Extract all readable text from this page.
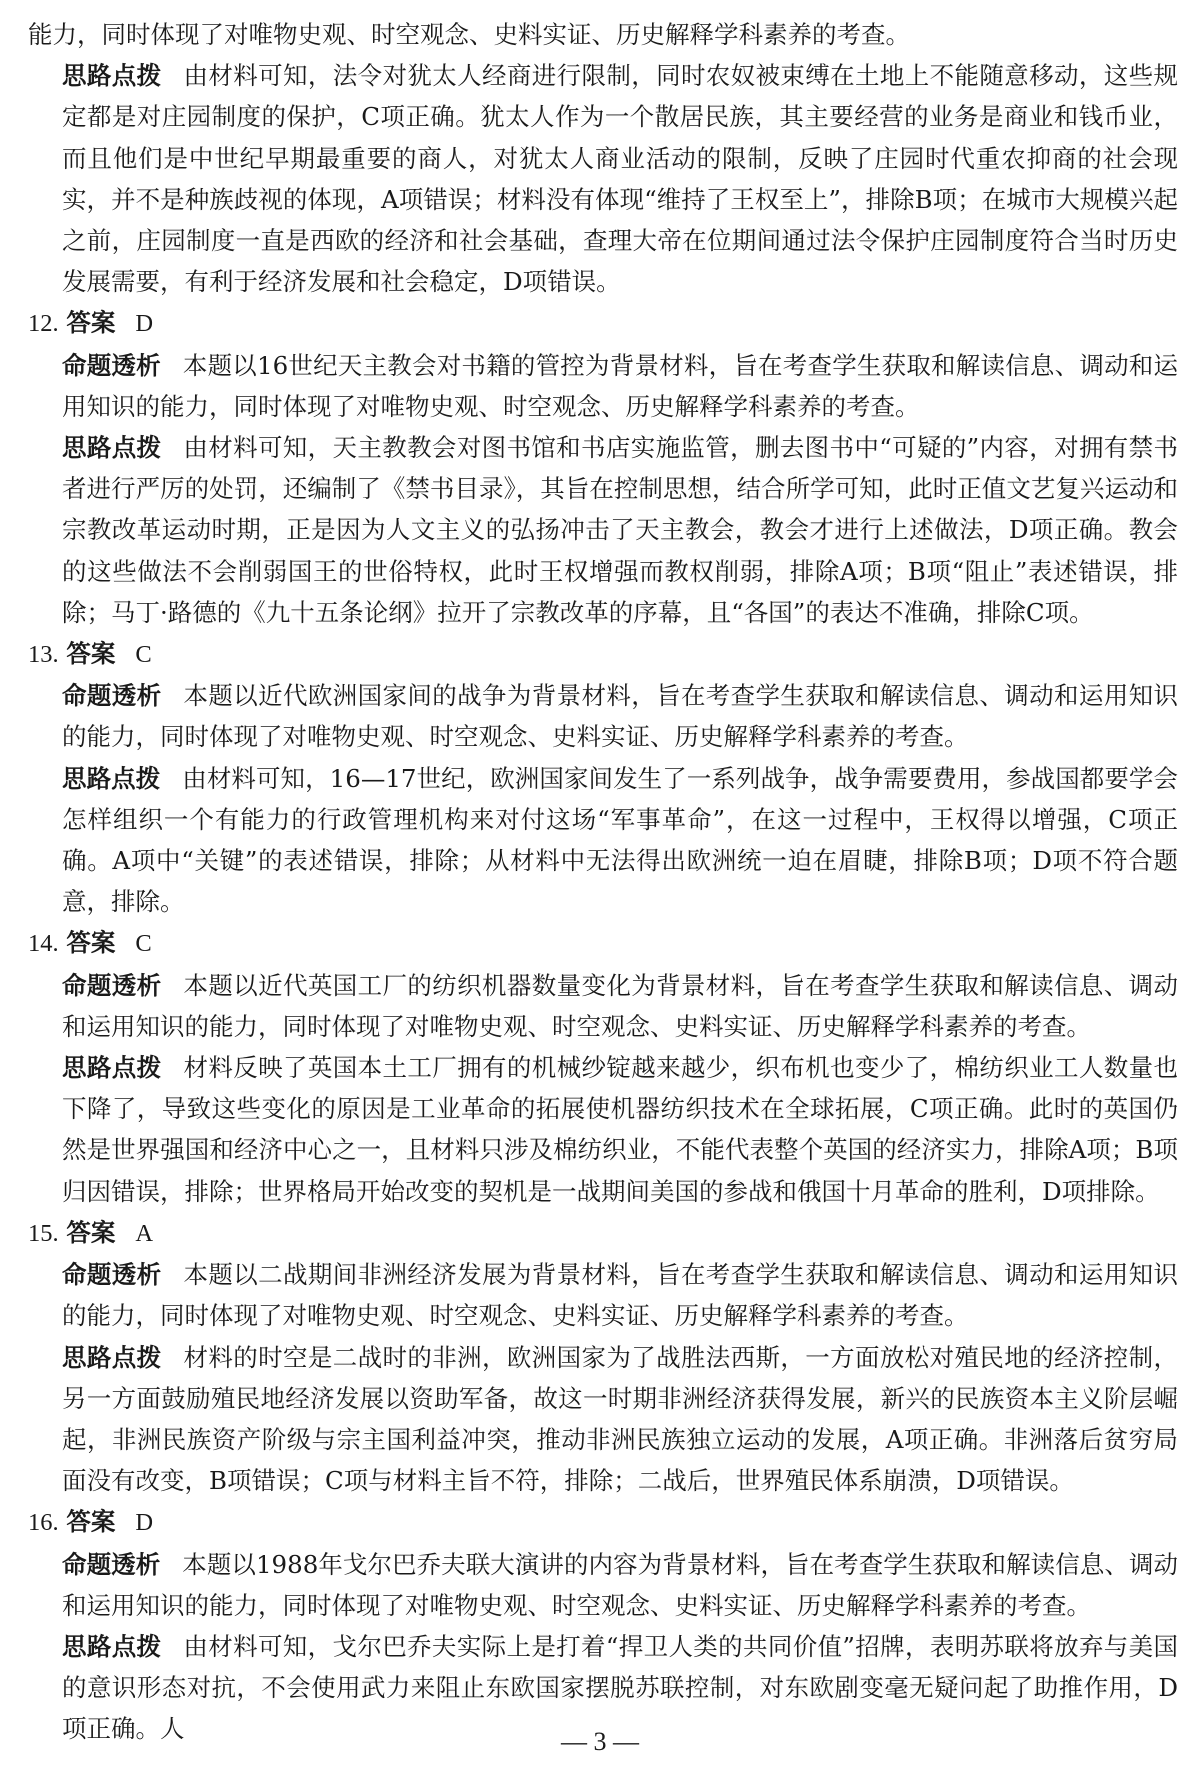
能力，同时体现了对唯物史观、时空观念、史料实证、历史解释学科素养的考查。

思路点拨 由材料可知，法令对犹太人经商进行限制，同时农奴被束缚在土地上不能随意移动，这些规定都是对庄园制度的保护，C项正确。犹太人作为一个散居民族，其主要经营的业务是商业和钱币业，而且他们是中世纪早期最重要的商人，对犹太人商业活动的限制，反映了庄园时代重农抑商的社会现实，并不是种族歧视的体现，A项错误；材料没有体现“维持了王权至上”，排除B项；在城市大规模兴起之前，庄园制度一直是西欧的经济和社会基础，查理大帝在位期间通过法令保护庄园制度符合当时历史发展需要，有利于经济发展和社会稳定，D项错误。

12. 答案 D

命题透析 本题以16世纪天主教会对书籍的管控为背景材料，旨在考查学生获取和解读信息、调动和运用知识的能力，同时体现了对唯物史观、时空观念、历史解释学科素养的考查。

思路点拨 由材料可知，天主教教会对图书馆和书店实施监管，删去图书中“可疑的”内容，对拥有禁书者进行严厉的处罚，还编制了《禁书目录》，其旨在控制思想，结合所学可知，此时正值文艺复兴运动和宗教改革运动时期，正是因为人文主义的弘扬冲击了天主教会，教会才进行上述做法，D项正确。教会的这些做法不会削弱国王的世俗特权，此时王权增强而教权削弱，排除A项；B项“阻止”表述错误，排除；马丁·路德的《九十五条论纲》拉开了宗教改革的序幕，且“各国”的表达不准确，排除C项。

13. 答案 C

命题透析 本题以近代欧洲国家间的战争为背景材料，旨在考查学生获取和解读信息、调动和运用知识的能力，同时体现了对唯物史观、时空观念、史料实证、历史解释学科素养的考查。

思路点拨 由材料可知，16—17世纪，欧洲国家间发生了一系列战争，战争需要费用，参战国都要学会怎样组织一个有能力的行政管理机构来对付这场“军事革命”，在这一过程中，王权得以增强，C项正确。A项中“关键”的表述错误，排除；从材料中无法得出欧洲统一迫在眉睫，排除B项；D项不符合题意，排除。

14. 答案 C

命题透析 本题以近代英国工厂的纺织机器数量变化为背景材料，旨在考查学生获取和解读信息、调动和运用知识的能力，同时体现了对唯物史观、时空观念、史料实证、历史解释学科素养的考查。

思路点拨 材料反映了英国本土工厂拥有的机械纱锭越来越少，织布机也变少了，棉纺织业工人数量也下降了，导致这些变化的原因是工业革命的拓展使机器纺织技术在全球拓展，C项正确。此时的英国仍然是世界强国和经济中心之一，且材料只涉及棉纺织业，不能代表整个英国的经济实力，排除A项；B项归因错误，排除；世界格局开始改变的契机是一战期间美国的参战和俄国十月革命的胜利，D项排除。

15. 答案 A

命题透析 本题以二战期间非洲经济发展为背景材料，旨在考查学生获取和解读信息、调动和运用知识的能力，同时体现了对唯物史观、时空观念、史料实证、历史解释学科素养的考查。

思路点拨 材料的时空是二战时的非洲，欧洲国家为了战胜法西斯，一方面放松对殖民地的经济控制，另一方面鼓励殖民地经济发展以资助军备，故这一时期非洲经济获得发展，新兴的民族资本主义阶层崛起，非洲民族资产阶级与宗主国利益冲突，推动非洲民族独立运动的发展，A项正确。非洲落后贫穷局面没有改变，B项错误；C项与材料主旨不符，排除；二战后，世界殖民体系崩溃，D项错误。

16. 答案 D

命题透析 本题以1988年戈尔巴乔夫联大演讲的内容为背景材料，旨在考查学生获取和解读信息、调动和运用知识的能力，同时体现了对唯物史观、时空观念、史料实证、历史解释学科素养的考查。

思路点拨 由材料可知，戈尔巴乔夫实际上是打着“捍卫人类的共同价值”招牌，表明苏联将放弃与美国的意识形态对抗，不会使用武力来阻止东欧国家摆脱苏联控制，对东欧剧变毫无疑问起了助推作用，D项正确。人	— 3 —
